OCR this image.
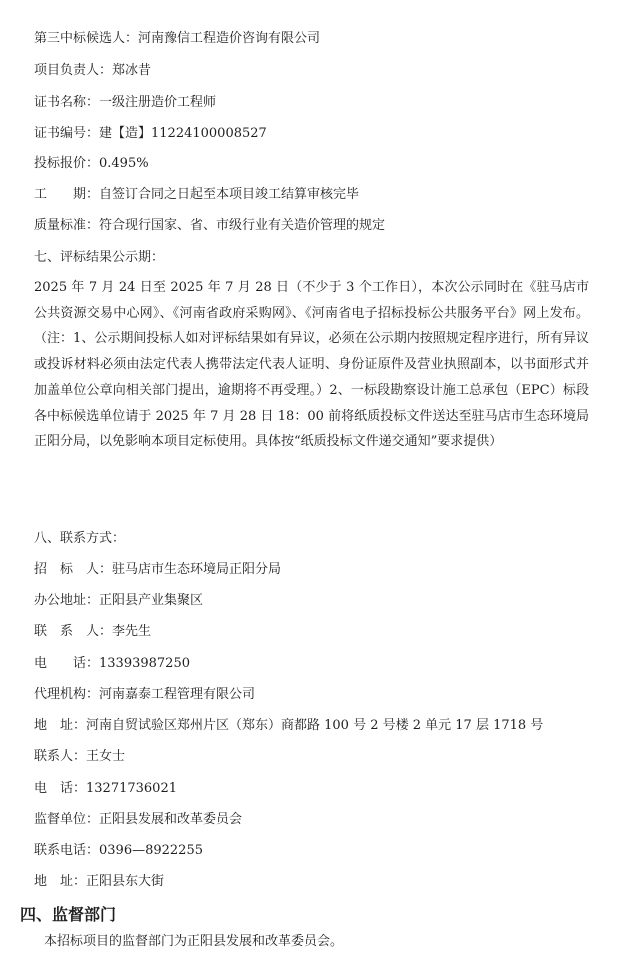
第三中标候选人：河南豫信工程造价咨询有限公司
项目负责人：郑冰昔
证书名称：一级注册造价工程师
证书编号：建【造】11224100008527
投标报价：0.495%
工　　期：自签订合同之日起至本项目竣工结算审核完毕
质量标准：符合现行国家、省、市级行业有关造价管理的规定
七、评标结果公示期：
2025 年 7 月 24 日至 2025 年 7 月 28 日（不少于 3 个工作日），本次公示同时在《驻马店市公共资源交易中心网》、《河南省政府采购网》、《河南省电子招标投标公共服务平台》网上发布。（注：1、公示期间投标人如对评标结果如有异议，必须在公示期内按照规定程序进行，所有异议或投诉材料必须由法定代表人携带法定代表人证明、身份证原件及营业执照副本，以书面形式并加盖单位公章向相关部门提出，逾期将不再受理。）2、一标段勘察设计施工总承包（EPC）标段各中标候选单位请于 2025 年 7 月 28 日 18：00 前将纸质投标文件送达至驻马店市生态环境局正阳分局，以免影响本项目定标使用。具体按“纸质投标文件递交通知”要求提供）
八、联系方式：
招　标　人：驻马店市生态环境局正阳分局
办公地址：正阳县产业集聚区
联　系　人：李先生
电　　话：13393987250
代理机构：河南嘉泰工程管理有限公司
地　址：河南自贸试验区郑州片区（郑东）商都路 100 号 2 号楼 2 单元 17 层 1718 号
联系人：王女士
电　话：13271736021
监督单位：正阳县发展和改革委员会
联系电话：0396—8922255
地　址：正阳县东大街
四、监督部门
本招标项目的监督部门为正阳县发展和改革委员会。
